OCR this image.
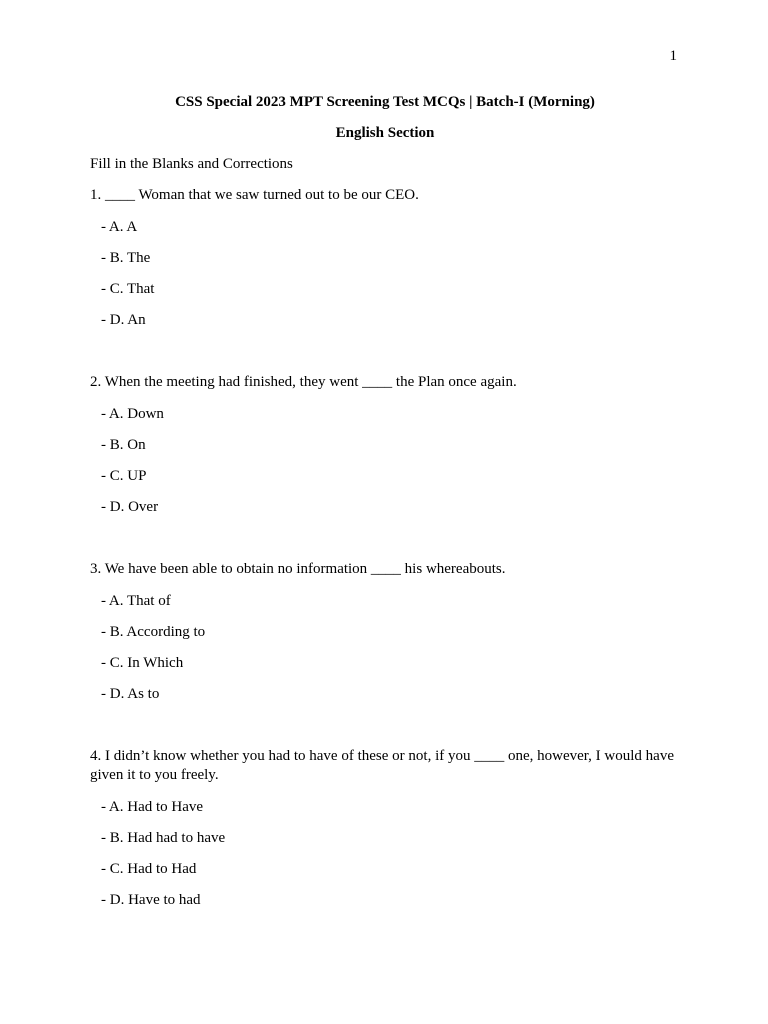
1
CSS Special 2023 MPT Screening Test MCQs | Batch-I (Morning)
English Section
Fill in the Blanks and Corrections
1. ____ Woman that we saw turned out to be our CEO.
- A. A
- B. The
- C. That
- D. An
2. When the meeting had finished, they went ____ the Plan once again.
- A. Down
- B. On
- C. UP
- D. Over
3. We have been able to obtain no information ____ his whereabouts.
- A. That of
- B. According to
- C. In Which
- D. As to
4. I didn’t know whether you had to have of these or not, if you ____ one, however, I would have given it to you freely.
- A. Had to Have
- B. Had had to have
- C. Had to Had
- D. Have to had
